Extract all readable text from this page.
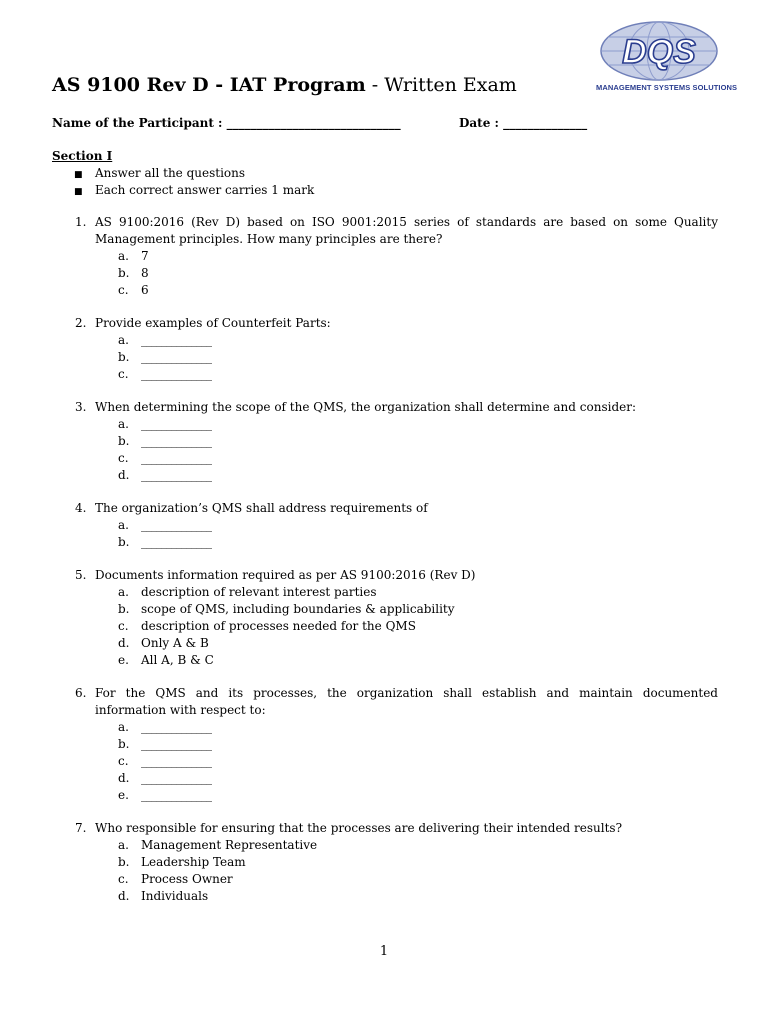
DQS
MANAGEMENT SYSTEMS SOLUTIONS
AS 9100 Rev D - IAT Program - Written Exam
Name of the Participant : _____________________________	Date : ______________
Section I
■ Answer all the questions
■ Each correct answer carries 1 mark
1. AS 9100:2016 (Rev D) based on ISO 9001:2015 series of standards are based on some Quality Management principles. How many principles are there?
a.	7
b. 8
c.	6
2. Provide examples of Counterfeit Parts:
a.	______________
b. ______________
c.	______________
3. When determining the scope of the QMS, the organization shall determine and consider:
a.	______________
b. ______________
c.	______________
d. ______________
4. The organization’s QMS shall address requirements of
a.	______________
b. ______________
5. Documents information required as per AS 9100:2016 (Rev D)
a.	description of relevant interest parties
b. scope of QMS, including boundaries & applicability
c.	description of processes needed for the QMS
d. Only A & B
e.	All A, B & C
6. For the QMS and its processes, the organization shall establish and maintain documented information with respect to:
a.	______________
b. ______________
c.	______________
d. ______________
e.	______________
7. Who responsible for ensuring that the processes are delivering their intended results?
a.	Management Representative
b. Leadership Team
c.	Process Owner
d. Individuals
1
